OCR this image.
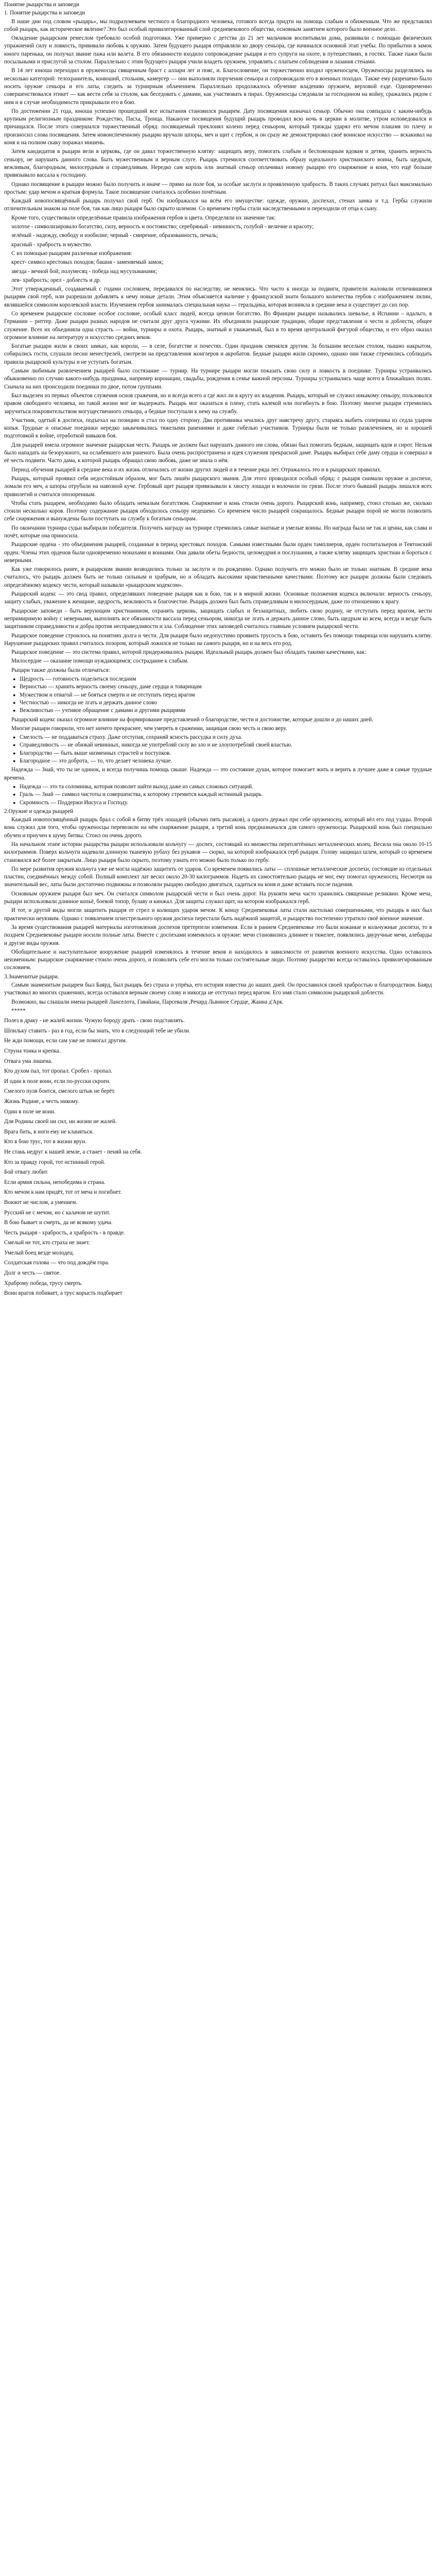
Понятие рыцарства и заповеди
1. Понятие рыцарства и заповеди
В наше дни под словом «рыцарь», мы подразумеваем честного и благородного человека, готового всегда придти на помощь слабым и обиженным. Что же представлял собой рыцарь, как историческое явление? Это был особый привилегированный слой средневекового общества, основным занятием которого было военное дело.
Овладение рыцарским ремеслом требовало особой подготовки. Уже примерно с детства до 21 лет мальчиков воспитывали дома, развивали с помощью физических упражнений силу и ловкость, прививали любовь к оружию. Затем будущего рыцаря отправляли ко двору сеньора, где начинался основной этап учебы. По прибытии в замок юного паренька, он получал звание пажа или валета. В его обязанности входило сопровождение рыцаря и его супруги на охоте, в путешествиях, в гостях. Также пажи были посыльными и прислугой за столом. Параллельно с этим будущего рыцаря учили владеть оружием, управлять с платьем соблюдения и лазания стенами.
В 14 лет юноша переходил в оруженосцы священным браст с аллари лег и пояс, и. Благословение, он торжественно входил оруженосцем, Оруженосцы разделялись на несколько категорий: телохранитель, конюший, стольник, камергер — они выполняли поручения сеньора и сопровождали его в военных походах. Также ему разрешено было носить оружие сеньора и его латы, следить за турнирным облачением. Параллельно продолжалось обучение владению оружием, верховой езде. Одновременно совершенствовался этикет — как вести себя за столом, как беседовать с дамами, как участвовать в пирах. Оруженосцы следовали за господином на войну, сражались рядом с ним и в случае необходимости прикрывали его в бою.
По достижении 21 года, юноша успешно прошедший все испытания становился рыцарем. Дату посвящения назначал сеньор. Обычно она совпадала с каким-нибудь крупным религиозным праздником: Рождество, Пасха, Троица. Накануне посвящения будущий рыцарь проводил всю ночь в церкви в молитве, утром исповедовался и причащался. После этого совершался торжественный обряд: посвящаемый преклонял колено перед сеньором, который трижды ударял его мечом плашмя по плечу и произносил слова посвящения. Затем новоиспеченному рыцарю вручали шпоры, меч и щит с гербом, и он сразу же демонстрировал своё воинское искусство — вскакивал на коня и на полном скаку поражал мишень.
Затем кандидатов в рыцари вели в церковь, где он давал торжественную клятву: защищать веру, помогать слабым и беспомощным вдовам и детям, хранить верность сеньору, не нарушать данного слова. Быть мужественным и верным слуге. Рыцарь стремился соответствовать образу идеального христианского воина, быть щедрым, вежливым, благородным, милосердным и справедливым. Нередко сам король или знатный сеньор оплачивал новому рыцарю его снаряжение и коня, что ещё больше привязывало вассала к господину.
Однако посвящение в рыцари можно было получить и иначе — прямо на поле боя, за особые заслуги и проявленную храбрость. В таких случаях ритуал был максимально простым: удар мечом и краткая формула. Такое посвящение считалось особенно почётным.
Каждый новопосвящённый рыцарь получал свой герб. Он изображался на всём его имуществе: одежде, оружии, доспехах, стенах замка и т.д. Гербы служили отличительным знаком на поле боя, так как лицо рыцаря было скрыто шлемом. Со временем гербы стали наследственными и переходили от отца к сыну.
Кроме того, существовали определённые правила изображения гербов и цвета. Определяли их значение так:
золотое - символизировало богатство, силу, верность и постоянство; серебряный - невинность, голубой - величие и красоту;
зелёный - надежду, свободу и изобилие; черный - смирение, образованность, печаль;
красный - храбрость и мужество.
С их помощью рыцарям различные изображения:
крест- символ крестовых походов; башня - заменяемый замок;
звезда - вечной бой; полумесяц - победа над мусульманами;
лев- храбрость; орел - доблесть и др.
Этот утвержденный, создаваемый с годами сословием, передавался по наследству, не менялись. Что часто к иногда за подвиги, правители жаловали отличившимся рыцарям свой герб, или разрешали добавлять к нему новые детали. Этим объясняется наличие у французской знати большого количества гербов с изображением лилии, являвшейся символом королевской власти. Изучением гербов занималась специальная наука — геральдика, которая возникла в средние века и существует до сих пор.
Со временем рыцарское сословие особое сословие, особый класс людей, всегда ценили богатство. Во Франции рыцари назывались шевалье, в Испании – идальго, в Германии – риттер. Даже рыцари разных народов не считали друг друга чужими. Их объединяли рыцарские традиции, общие представления о чести и доблести, общее служение. Всех их объединяла одна страсть — война, турниры и охота. Рыцарь, знатный и уважаемый, был в то время центральной фигурой общества, и его образ оказал огромное влияние на литературу и искусство средних веков.
Богатые рыцари жили в своих замках, как короли, — в селе, богатстве и почестях. Один праздник сменялся другим. За большим веселым столом, пышно накрытом, собирались гости, слушали песни менестрелей, смотрели на представления жонглеров и акробатов. Бедные рыцари жили скромно, однако они также стремились соблюдать правила рыцарской культуры и не уступать богатым.
Самым любимым развлечением рыцарей было состязание — турнир. На турнире рыцари могли показать свою силу и ловкость в поединке. Турниры устраивались обыкновенно по случаю какого-нибудь праздника, например коронации, свадьбы, рождения в семье важной персоны. Турниры устраивались чаще всего в ближайших полях. Сначала на них происходили поединки по двое, потом группами.
Был выделен из первых объектов служения основ сражения, но и всегда всего а где жил ли в кругу их владения. Рыцарь, который не служил никакому сеньору, пользовался правом свободного человека, но такой жизни мог не выдержать. Рыцарь мог оказаться в плену, стать калекой или погибнуть в бою. Поэтому многие рыцари стремились заручиться покровительством могущественного сеньора, а бедные поступали к нему на службу.
Участник, одетый в доспехи, подъехал на позицию и стал по одну сторону. Два противника мчались друг навстречу другу, стараясь выбить соперника из седла ударом копья. Трудные и опасные поединки нередко заканчивались тяжелыми ранениями и даже гибелью участников. Турниры были не только развлечением, но и хорошей подготовкой к войне, отработкой навыков боя.
Для рыцарей имела огромное значение рыцарская честь. Рыцарь не должен был нарушать данного им слова, обязан был помогать бедным, защищать вдов и сирот. Нельзя было нападать на безоружного, на ослабевшего или раненого. Была очень распространена и идея служения прекрасной даме. Рыцарь выбирал себе даму сердца и совершал в её честь подвиги. Часто дама, к которой рыцарь обращал свою любовь, даже не знала о нём.
Период обучения рыцарей в средние века и их жизнь отличались от жизни других людей и в течение ряда лет. Отражалось это и в рыцарских правилах.
Рыцарь, который проявил себя недостойным образом, мог быть лишён рыцарского звания. Для этого проводился особый обряд: с рыцаря снимали оружие и доспехи, ломали его меч, а шпоры отрубали на навозной куче. Гербовый щит рыцаря привязывали к хвосту лошади и волочили по грязи. После этого бывший рыцарь лишался всех привилегий и считался опозоренным.
Чтобы стать рыцарем, необходимо было обладать немалым богатством. Снаряжение и конь стоили очень дорого. Рыцарский конь, например, стоил столько же, сколько стоили несколько коров. Поэтому содержание рыцаря обходилось сеньору недешево. Со временем число рыцарей сокращалось. Бедные рыцари порой не могли позволить себе снаряжения и вынуждены были поступать на службу к богатым сеньорам.
По окончании турнира судьи выбирали победителя. Получить награду на турнире стремились самые знатные и умелые воины. Но награда была не так и ценна, как слава и почёт, которые она приносила.
Рыцарские ордена - это объединения рыцарей, созданные в период крестовых походов. Самыми известными были орден тамплиеров, орден госпитальеров и Тевтонский орден. Члены этих орденов были одновременно монахами и воинами. Они давали обеты бедности, целомудрия и послушания, а также клятву защищать христиан и бороться с неверными.
Как уже говорилось ранее, в рыцарском звании возводились только за заслуги и по рождению. Однако получить его можно было не только знатным. В средние века считалось, что рыцарь должен быть не только сильным и храбрым, но и обладать высокими нравственными качествами. Поэтому все рыцари должны были следовать определённому кодексу чести, который называли «рыцарским кодексом».
Рыцарский кодекс — это свод правил, определявших поведение рыцаря как в бою, так и в мирной жизни. Основные положения кодекса включали: верность сеньору, защиту слабых, уважение к женщине, щедрость, вежливость и благочестие. Рыцарь должен был быть справедливым и милосердным, даже по отношению к врагу.
Рыцарские заповеди - быть верующим христианином, охранять церковь, защищать слабых и беззащитных, любить свою родину, не отступать перед врагом, вести непримиримую войну с неверными, выполнять все обязанности вассала перед сеньором, никогда не лгать и держать данное слово, быть щедрым ко всем, всегда и везде быть защитником справедливости и добра против несправедливости и зла. Соблюдение этих заповедей считалось главным условием рыцарской чести.
Рыцарское поведение строилось на понятиях долга и чести. Для рыцаря было недопустимо проявить трусость в бою, оставить без помощи товарища или нарушить клятву. Нарушение рыцарских правил считалось позором, который ложился не только на самого рыцаря, но и на весь его род.
Рыцарское поведение — это система правил, которой придерживались рыцари. Идеальный рыцарь должен был обладать такими качествами, как:
Милосердие — оказание помощи нуждающимся; сострадание к слабым.
Рыцари также должны были отличаться:
● Щедрость — готовность поделиться последним
● Верностью — хранить верность своему сеньору, даме сердца и товарищам
● Мужеством и отвагой — не бояться смерти и не отступать перед врагом
● Честностью — никогда не лгать и держать данное слово
● Вежливостью — учтивое обращение с дамами и другими рыцарями
Рыцарский кодекс оказал огромное влияние на формирование представлений о благородстве, чести и достоинстве, которые дошли и до наших дней.
Многие рыцари говорили, что нет ничего прекраснее, чем умереть в сражении, защищая свою честь и свою веру.
● Смелость — не поддаваться страху. Даже отступая, сохраняй ясность рассудка и силу духа.
● Справедливость — не обижай невинных, никогда не употребляй силу во зло и не злоупотребляй своей властью.
● Благородство — быть выше низменных страстей и поступков.
● Благородное — это доброта, — то, что делает человека лучше.
Надежда — Знай, что ты не одинок, и всегда получишь помощь свыше. Надежда — это состояние души, которое помогает жить и верить в лучшее даже в самые трудные времена.
● Надежда — это та соломинка, которая позволит найти выход даже из самых сложных ситуаций.
● Граль — Знай — символ чистоты и совершенства, к которому стремится каждый истинный рыцарь.
● Скромность — Поддержи Иисуса и Господу.
2.Оружие и одежда рыцарей
Каждый новопосвящённый рыцарь брал с собой в битву трёх лошадей (обычно пять рысаков), а одного держал при себе оруженосец, который вёл его под уздцы. Второй конь служил для того, чтобы оруженосцы перевозили на нём снаряжение рыцаря, а третий конь предназначался для самого оруженосца. Рыцарский конь был специально обучен и приучен к шуму битвы. Стоил он очень дорого.
На начальном этапе истории рыцарства рыцари использовали кольчугу — доспех, состоящий из множества переплетённых металлических колец. Весила она около 10-15 килограммов. Поверх кольчуги надевали длинную тканевую рубаху без рукавов — сюрко, на которой изображался герб рыцаря. Голову защищал шлем, который со временем становился всё более закрытым. Лицо рыцаря было скрыто, поэтому узнать его можно было только по гербу.
По мере развития оружия кольчуга уже не могла надёжно защитить от ударов. Со временем появились латы — сплошные металлические доспехи, состоящие из отдельных пластин, соединённых между собой. Полный комплект лат весил около 20-30 килограммов. Надеть их самостоятельно рыцарь не мог, ему помогал оруженосец. Несмотря на значительный вес, латы были достаточно подвижны и позволяли рыцарю свободно двигаться, садиться на коня и даже вставать после падения.
Основным оружием рыцаря был меч. Он считался символом рыцарской чести и был очень дорог. На рукояти меча часто хранились священные реликвии. Кроме меча, рыцари использовали длинное копьё, боевой топор, булаву и кинжал. Для защиты служил щит, на котором изображался герб.
И тот, и другой виды могли защитить рыцаря от стрел и колющих ударов мечом. К концу Средневековья латы стали настолько совершенными, что рыцарь в них был практически неуязвим. Однако с появлением огнестрельного оружия доспехи перестали быть надёжной защитой, и рыцарство постепенно утратило своё военное значение.
За время существования рыцарей материалы изготовления доспехов претерпели изменения. Если в раннем Средневековье это были кожаные и кольчужные доспехи, то в позднем Средневековье рыцари носили полные латы. Вместе с доспехами изменялось и оружие: мечи становились длиннее и тяжелее, появлялись двуручные мечи, алебарды и другие виды оружия.
Обобщительное и наступательное вооружение рыцарей изменялось в течение веков и находилось в зависимости от развития военного искусства. Одно оставалось неизменным: рыцарское снаряжение стоило очень дорого, и позволить себе его могли только состоятельные люди. Поэтому рыцарство всегда оставалось привилегированным сословием.
3.Знаменитые рыцари.
Самым знаменитым рыцарем был Баярд, был рыцарь без страха и упрёка, его история известна до наших дней. Он прославился своей храбростью и благородством. Баярд участвовал во многих сражениях, всегда оставался верным своему слову и никогда не отступал перед врагом. Его имя стало символом рыцарской доблести.
Возможно, вы слышали имена рыцарей Ланселота, Гавайана, Парсеваля ,Речард Львиное Сердце, Жанна д'Арк.
*****
Полез в драку - не жалей жизни. Чужую бороду драть - свою подставлять.
Шпильку ставить - раз в год, если бы знать, что в следующий тебе не убили.
Не жди помощи, если сам уже не помогал другим.
Струна тонка и крепка.
Отвага ума лишена.
Кто духом пал, тот пропал. Сробел - пропал.
И один в поле воин, если по-русски скроен.
Смелого пуля боится, смелого штык не берёт.
Жизнь Родине, а честь никому.
Один в поле не воин.
Для Родины своей ни сил, ни жизни не жалей.
Врага бить, в ноги ему не кланяться.
Кто в бою трус, тот в жизни врун.
Не стань недруг к нашей земле, а станет - пеняй на себя.
Кто за правду горой, тот истинный герой.
Бой отвагу любит.
Если армия сильна, непобедима и страна.
Кто мечом к нам придёт, тот от меча и погибнет.
Воюют не числом, а умением.
Русский не с мечом, но с калачом не шутит.
В бою бывает и смерть, да не всякому удача.
Честь рыцаря - храбрость, а храбрость - в правде.
Смелый не тот, кто страха не знает.
Умелый боец везде молодец.
Солдатская голова — что под дождём гора.
Долг и честь — святое.
Храброму победа, трусу смерть.
Воин врагов побивает, а трус корысть подбирает
